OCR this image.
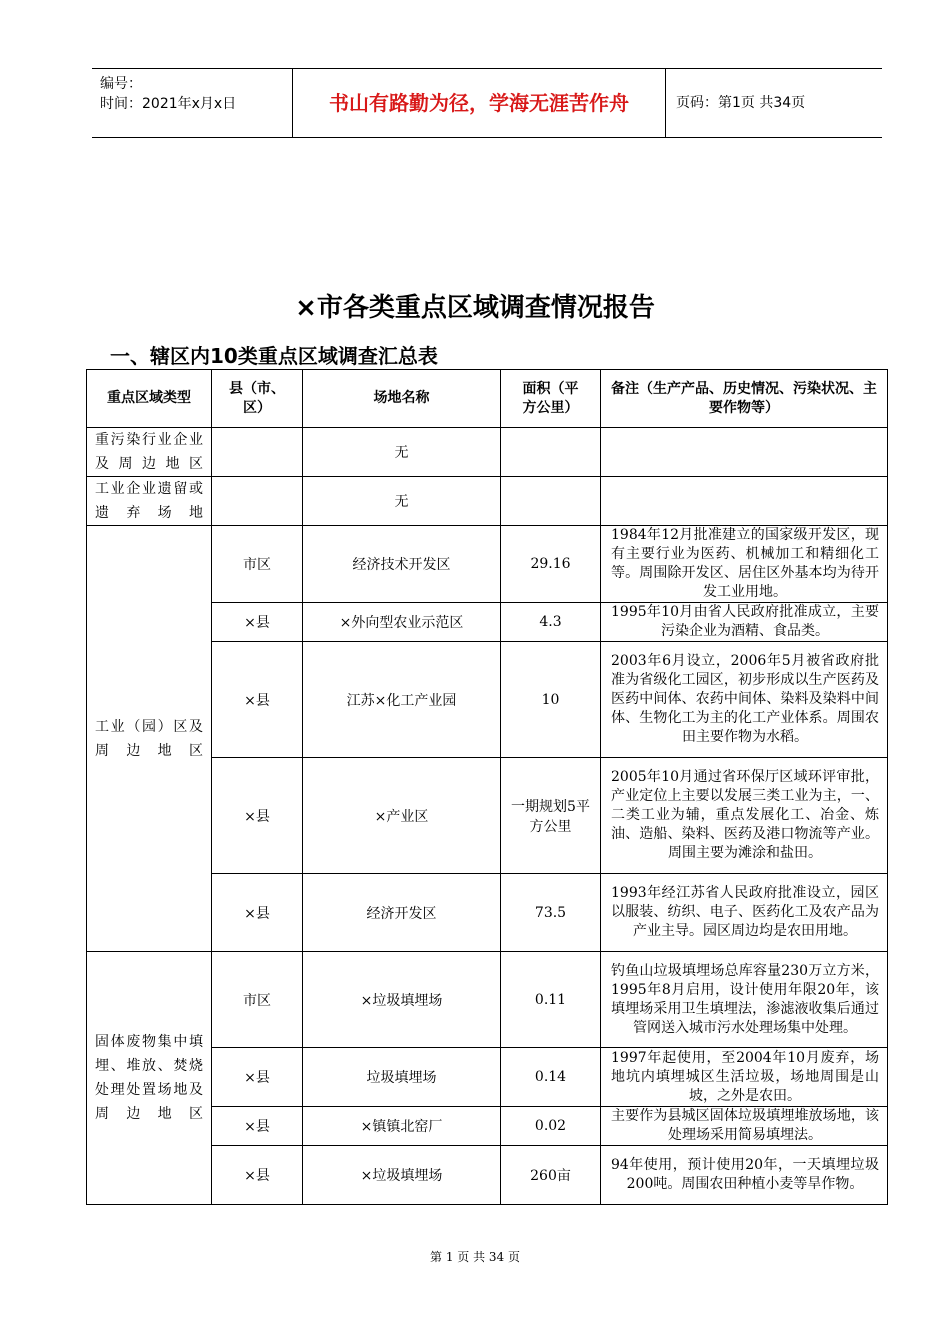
编号：
时间：2021年x月x日	书山有路勤为径，学海无涯苦作舟	页码：第1页 共34页
×市各类重点区域调查情况报告
一、辖区内10类重点区域调查汇总表
重点区域类型	县（市、区）	场地名称	面积（平方公里）	备注（生产产品、历史情况、污染状况、主要作物等）
重污染行业企业及周边地区		无		
工业企业遗留或遗弃场地		无		
工业（园）区及周边地区	市区	经济技术开发区	29.16	1984年12月批准建立的国家级开发区，现有主要行业为医药、机械加工和精细化工等。周围除开发区、居住区外基本均为待开发工业用地。
	×县	×外向型农业示范区	4.3	1995年10月由省人民政府批准成立，主要污染企业为酒精、食品类。
	×县	江苏×化工产业园	10	2003年6月设立，2006年5月被省政府批准为省级化工园区，初步形成以生产医药及医药中间体、农药中间体、染料及染料中间体、生物化工为主的化工产业体系。周围农田主要作物为水稻。
	×县	×产业区	一期规划5平方公里	2005年10月通过省环保厅区域环评审批，产业定位上主要以发展三类工业为主，一、二类工业为辅，重点发展化工、冶金、炼油、造船、染料、医药及港口物流等产业。周围主要为滩涂和盐田。
	×县	经济开发区	73.5	1993年经江苏省人民政府批准设立，园区以服装、纺织、电子、医药化工及农产品为产业主导。园区周边均是农田用地。
固体废物集中填埋、堆放、焚烧处理处置场地及周边地区	市区	×垃圾填埋场	0.11	钓鱼山垃圾填埋场总库容量230万立方米，1995年8月启用，设计使用年限20年，该填埋场采用卫生填埋法，渗滤液收集后通过管网送入城市污水处理场集中处理。
	×县	垃圾填埋场	0.14	1997年起使用，至2004年10月废弃，场地坑内填埋城区生活垃圾，场地周围是山坡，之外是农田。
	×县	×镇镇北窑厂	0.02	主要作为县城区固体垃圾填埋堆放场地，该处理场采用简易填埋法。
	×县	×垃圾填埋场	260亩	94年使用，预计使用20年，一天填埋垃圾200吨。周围农田种植小麦等旱作物。
第 1 页 共 34 页
